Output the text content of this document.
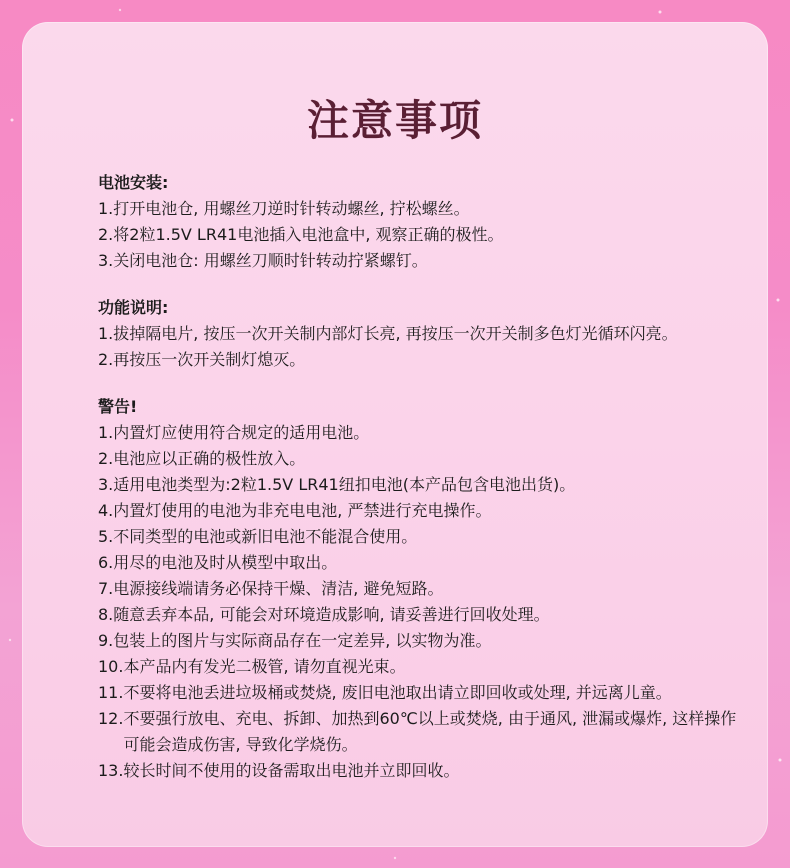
注意事项
电池安装:
1. 打开电池仓, 用螺丝刀逆时针转动螺丝, 拧松螺丝。
2. 将2粒1.5V LR41电池插入电池盒中, 观察正确的极性。
3. 关闭电池仓: 用螺丝刀顺时针转动拧紧螺钉。
功能说明:
1. 拔掉隔电片, 按压一次开关制内部灯长亮, 再按压一次开关制多色灯光循环闪亮。
2. 再按压一次开关制灯熄灭。
警告!
1. 内置灯应使用符合规定的适用电池。
2. 电池应以正确的极性放入。
3. 适用电池类型为:2粒1.5V LR41纽扣电池(本产品包含电池出货)。
4. 内置灯使用的电池为非充电电池, 严禁进行充电操作。
5. 不同类型的电池或新旧电池不能混合使用。
6. 用尽的电池及时从模型中取出。
7. 电源接线端请务必保持干燥、清洁, 避免短路。
8. 随意丢弃本品, 可能会对环境造成影响, 请妥善进行回收处理。
9. 包装上的图片与实际商品存在一定差异, 以实物为准。
10. 本产品内有发光二极管, 请勿直视光束。
11. 不要将电池丢进垃圾桶或焚烧, 废旧电池取出请立即回收或处理, 并远离儿童。
12. 不要强行放电、充电、拆卸、加热到60℃以上或焚烧, 由于通风, 泄漏或爆炸, 这样操作可能会造成伤害, 导致化学烧伤。
13. 较长时间不使用的设备需取出电池并立即回收。
